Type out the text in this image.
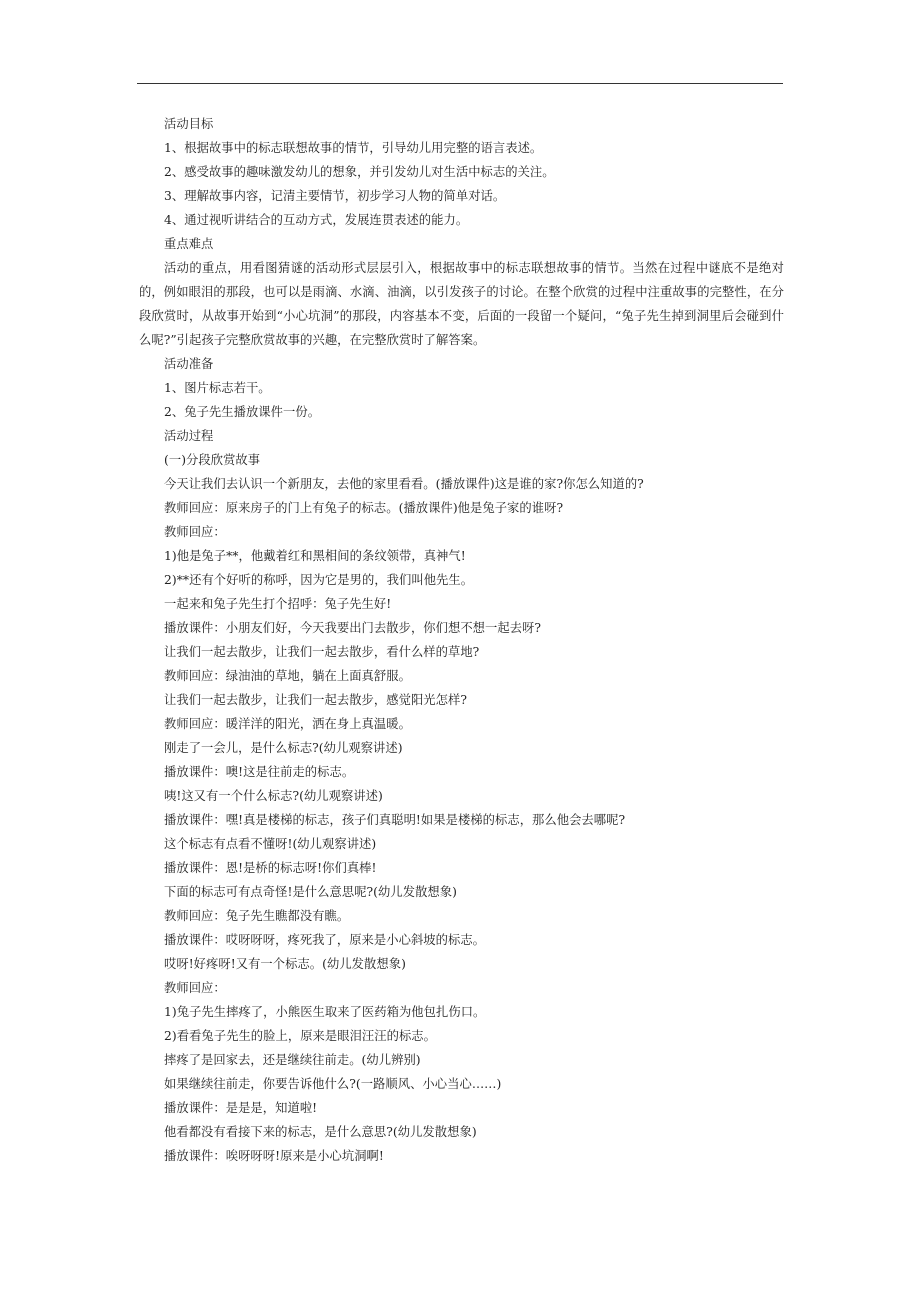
活动目标

1、根据故事中的标志联想故事的情节，引导幼儿用完整的语言表述。

2、感受故事的趣味激发幼儿的想象，并引发幼儿对生活中标志的关注。

3、理解故事内容，记清主要情节，初步学习人物的简单对话。

4、通过视听讲结合的互动方式，发展连贯表述的能力。

重点难点

活动的重点，用看图猜谜的活动形式层层引入，根据故事中的标志联想故事的情节。当然在过程中谜底不是绝对的，例如眼泪的那段，也可以是雨滴、水滴、油滴，以引发孩子的讨论。在整个欣赏的过程中注重故事的完整性，在分段欣赏时，从故事开始到“小心坑洞”的那段，内容基本不变，后面的一段留一个疑问，“兔子先生掉到洞里后会碰到什么呢?”引起孩子完整欣赏故事的兴趣，在完整欣赏时了解答案。

活动准备

1、图片标志若干。

2、兔子先生播放课件一份。

活动过程

(一)分段欣赏故事

今天让我们去认识一个新朋友，去他的家里看看。(播放课件)这是谁的家?你怎么知道的?

教师回应：原来房子的门上有兔子的标志。(播放课件)他是兔子家的谁呀?

教师回应：

1)他是兔子**，他戴着红和黑相间的条纹领带，真神气!

2)**还有个好听的称呼，因为它是男的，我们叫他先生。

一起来和兔子先生打个招呼：兔子先生好!

播放课件：小朋友们好，今天我要出门去散步，你们想不想一起去呀?

让我们一起去散步，让我们一起去散步，看什么样的草地?

教师回应：绿油油的草地，躺在上面真舒服。

让我们一起去散步，让我们一起去散步，感觉阳光怎样?

教师回应：暖洋洋的阳光，洒在身上真温暖。

刚走了一会儿，是什么标志?(幼儿观察讲述)

播放课件：噢!这是往前走的标志。

咦!这又有一个什么标志?(幼儿观察讲述)

播放课件：嘿!真是楼梯的标志，孩子们真聪明!如果是楼梯的标志，那么他会去哪呢?

这个标志有点看不懂呀!(幼儿观察讲述)

播放课件：恩!是桥的标志呀!你们真棒!

下面的标志可有点奇怪!是什么意思呢?(幼儿发散想象)

教师回应：兔子先生瞧都没有瞧。

播放课件：哎呀呀呀，疼死我了，原来是小心斜坡的标志。

哎呀!好疼呀!又有一个标志。(幼儿发散想象)

教师回应：

1)兔子先生摔疼了，小熊医生取来了医药箱为他包扎伤口。

2)看看兔子先生的脸上，原来是眼泪汪汪的标志。

摔疼了是回家去，还是继续往前走。(幼儿辨别)

如果继续往前走，你要告诉他什么?(一路顺风、小心当心……)

播放课件：是是是，知道啦!

他看都没有看接下来的标志，是什么意思?(幼儿发散想象)

播放课件：唉呀呀呀!原来是小心坑洞啊!
